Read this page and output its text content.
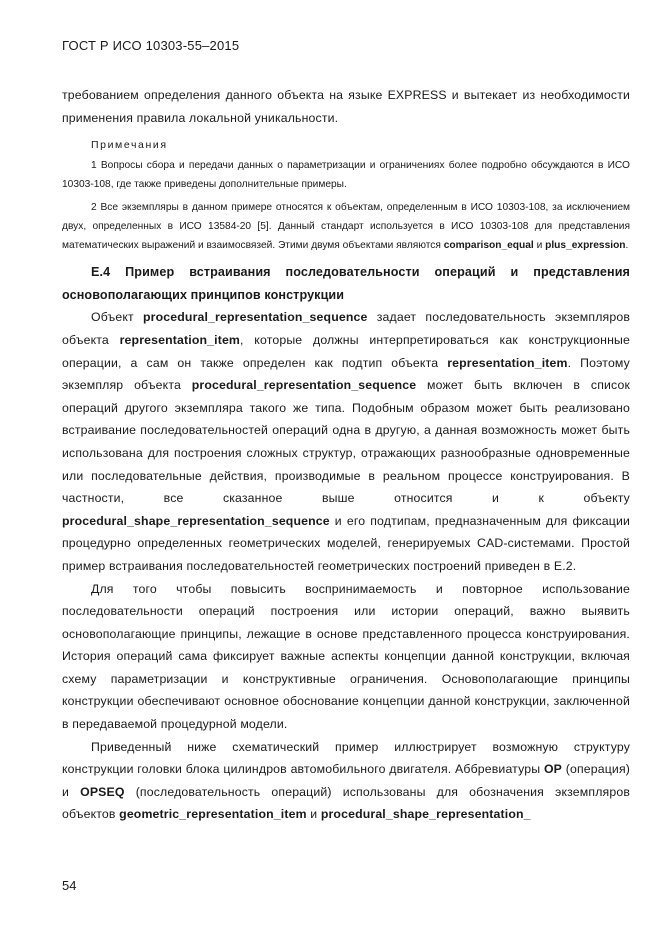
ГОСТ Р ИСО 10303-55–2015

требованием определения данного объекта на языке EXPRESS и вытекает из необходимости применения правила локальной уникальности.

Примечания

1 Вопросы сбора и передачи данных о параметризации и ограничениях более подробно обсуждаются в ИСО 10303-108, где также приведены дополнительные примеры.

2 Все экземпляры в данном примере относятся к объектам, определенным в ИСО 10303-108, за исключением двух, определенных в ИСО 13584-20 [5]. Данный стандарт используется в ИСО 10303-108 для представления математических выражений и взаимосвязей. Этими двумя объектами являются comparison_equal и plus_expression.

Е.4 Пример встраивания последовательности операций и представления основополагающих принципов конструкции

Объект procedural_representation_sequence задает последовательность экземпляров объекта representation_item, которые должны интерпретироваться как конструкционные операции, а сам он также определен как подтип объекта representation_item. Поэтому экземпляр объекта procedural_representation_sequence может быть включен в список операций другого экземпляра такого же типа. Подобным образом может быть реализовано встраивание последовательностей операций одна в другую, а данная возможность может быть использована для построения сложных структур, отражающих разнообразные одновременные или последовательные действия, производимые в реальном процессе конструирования. В частности, все сказанное выше относится и к объекту procedural_shape_representation_sequence и его подтипам, предназначенным для фиксации процедурно определенных геометрических моделей, генерируемых CAD-системами. Простой пример встраивания последовательностей геометрических построений приведен в Е.2.

Для того чтобы повысить воспринимаемость и повторное использование последовательности операций построения или истории операций, важно выявить основополагающие принципы, лежащие в основе представленного процесса конструирования. История операций сама фиксирует важные аспекты концепции данной конструкции, включая схему параметризации и конструктивные ограничения. Основополагающие принципы конструкции обеспечивают основное обоснование концепции данной конструкции, заключенной в передаваемой процедурной модели.

Приведенный ниже схематический пример иллюстрирует возможную структуру конструкции головки блока цилиндров автомобильного двигателя. Аббревиатуры OP (операция) и OPSEQ (последовательность операций) использованы для обозначения экземпляров объектов geometric_representation_item и procedural_shape_representation_

54
